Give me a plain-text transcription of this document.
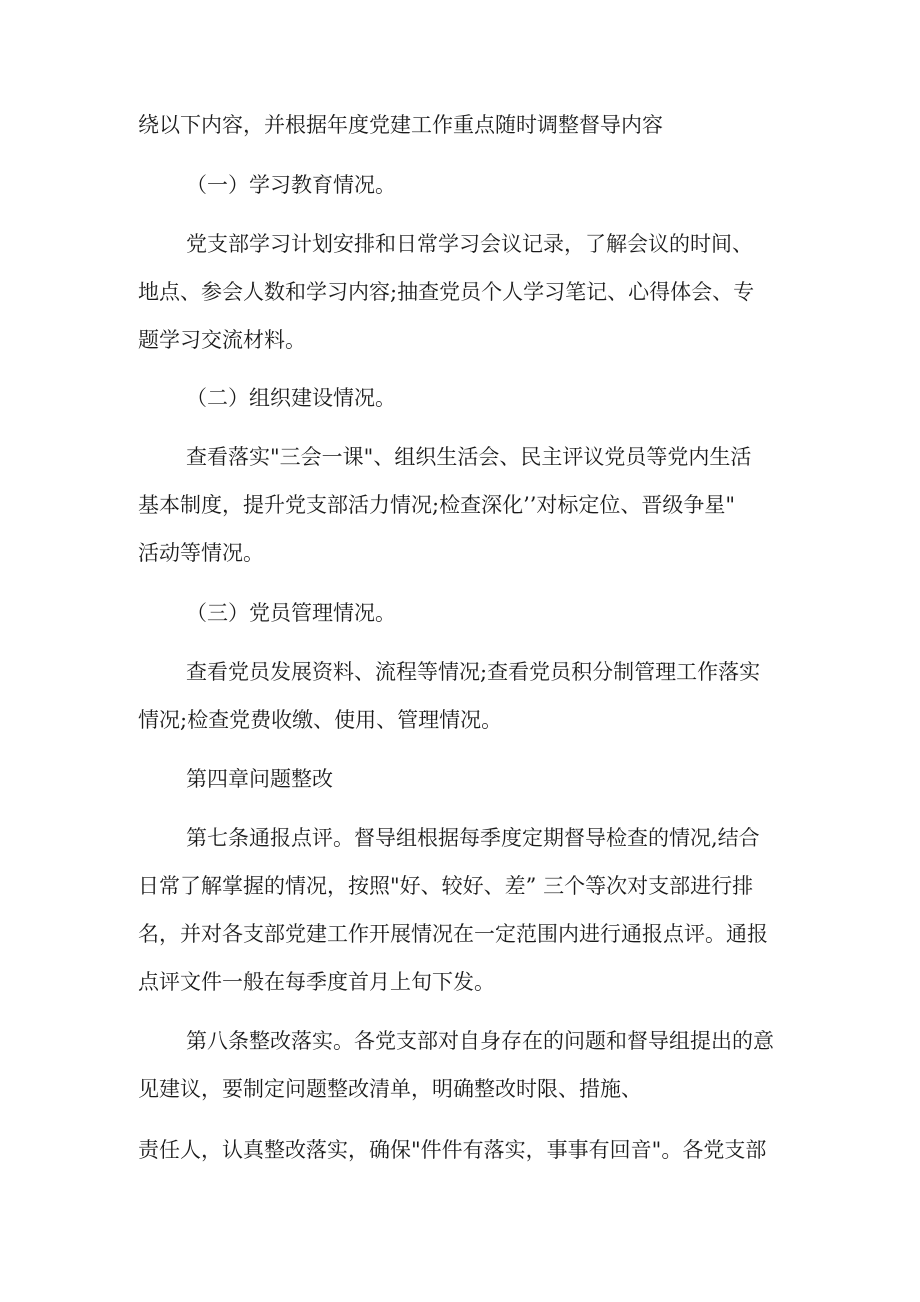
绕以下内容，并根据年度党建工作重点随时调整督导内容
（一）学习教育情况。
党支部学习计划安排和日常学习会议记录，了解会议的时间、
地点、参会人数和学习内容;抽查党员个人学习笔记、心得体会、专
题学习交流材料。
（二）组织建设情况。
查看落实"三会一课"、组织生活会、民主评议党员等党内生活
基本制度，提升党支部活力情况;检查深化’’对标定位、晋级争星"
活动等情况。
（三）党员管理情况。
查看党员发展资料、流程等情况;查看党员积分制管理工作落实
情况;检查党费收缴、使用、管理情况。
第四章问题整改
第七条通报点评。督导组根据每季度定期督导检查的情况,结合
日常了解掌握的情况，按照"好、较好、差” 三个等次对支部进行排
名，并对各支部党建工作开展情况在一定范围内进行通报点评。通报
点评文件一般在每季度首月上旬下发。
第八条整改落实。各党支部对自身存在的问题和督导组提出的意
见建议，要制定问题整改清单，明确整改时限、措施、
责任人，认真整改落实，确保"件件有落实，事事有回音"。各党支部
